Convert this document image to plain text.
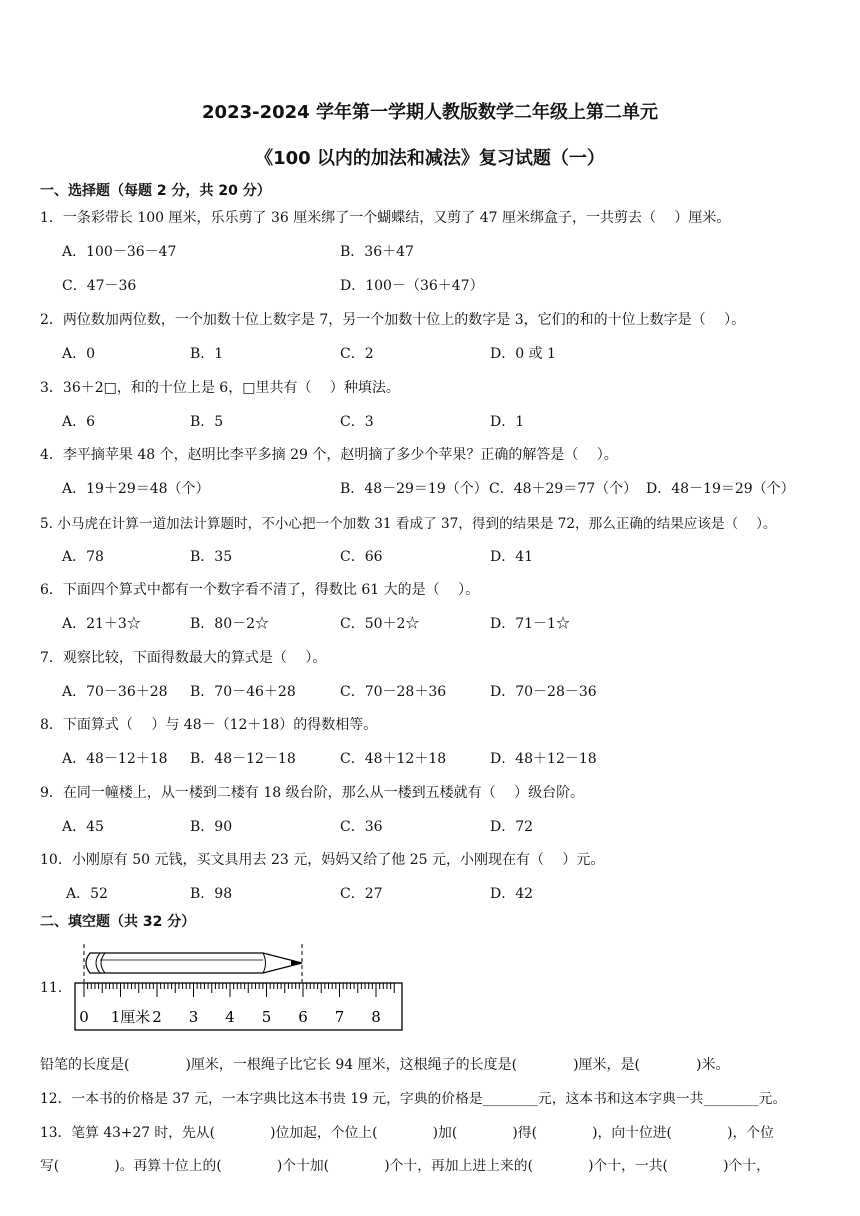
2023-2024 学年第一学期人教版数学二年级上第二单元
《100 以内的加法和减法》复习试题（一）
一、选择题（每题 2 分，共 20 分）
1．一条彩带长 100 厘米，乐乐剪了 36 厘米绑了一个蝴蝶结，又剪了 47 厘米绑盒子，一共剪去（　 ）厘米。
A．100－36－47	B．36＋47
C．47－36	D．100－（36＋47）
2．两位数加两位数，一个加数十位上数字是 7，另一个加数十位上的数字是 3，它们的和的十位上数字是（　 ）。
A．0	B．1	C．2	D．0 或 1
3．36＋2□，和的十位上是 6，□里共有（　 ）种填法。
A．6	B．5	C．3	D．1
4．李平摘苹果 48 个，赵明比李平多摘 29 个，赵明摘了多少个苹果？正确的解答是（　 ）。
A．19＋29＝48（个）	B．48－29＝19（个） C．48＋29＝77（个） D．48－19＝29（个）
5. 小马虎在计算一道加法计算题时，不小心把一个加数 31 看成了 37，得到的结果是 72，那么正确的结果应该是（　 ）。
A．78	B．35	C．66	D．41
6．下面四个算式中都有一个数字看不清了，得数比 61 大的是（　 ）。
A．21＋3☆	B．80－2☆	C．50＋2☆	D．71－1☆
7．观察比较，下面得数最大的算式是（　 ）。
A．70－36＋28 B．70－46＋28	C．70－28＋36	D．70－28－36
8．下面算式（　 ）与 48－（12＋18）的得数相等。
A．48－12＋18 B．48－12－18	C．48＋12＋18	D．48＋12－18
9．在同一幢楼上，从一楼到二楼有 18 级台阶，那么从一楼到五楼就有（　 ）级台阶。
A．45	B．90	C．36	D．72
10．小刚原有 50 元钱，买文具用去 23 元，妈妈又给了他 25 元，小刚现在有（　 ）元。
A．52	B．98	C．27	D．42
二、填空题（共 32 分）
11.
0 1厘米 2 3 4 5 6 7 8
铅笔的长度是(　　　　)厘米，一根绳子比它长 94 厘米，这根绳子的长度是(　　　　)厘米，是(　　　　)米。
12．一本书的价格是 37 元，一本字典比这本书贵 19 元，字典的价格是________元，这本书和这本字典一共________元。
13．笔算 43+27 时，先从(　　　　)位加起，个位上(　　　　)加(　　　　)得(　　　　)，向十位进(　　　　)，个位
写(　　　　)。再算十位上的(　　　　)个十加(　　　　)个十，再加上进上来的(　　　　)个十，一共(　　　　)个十，
